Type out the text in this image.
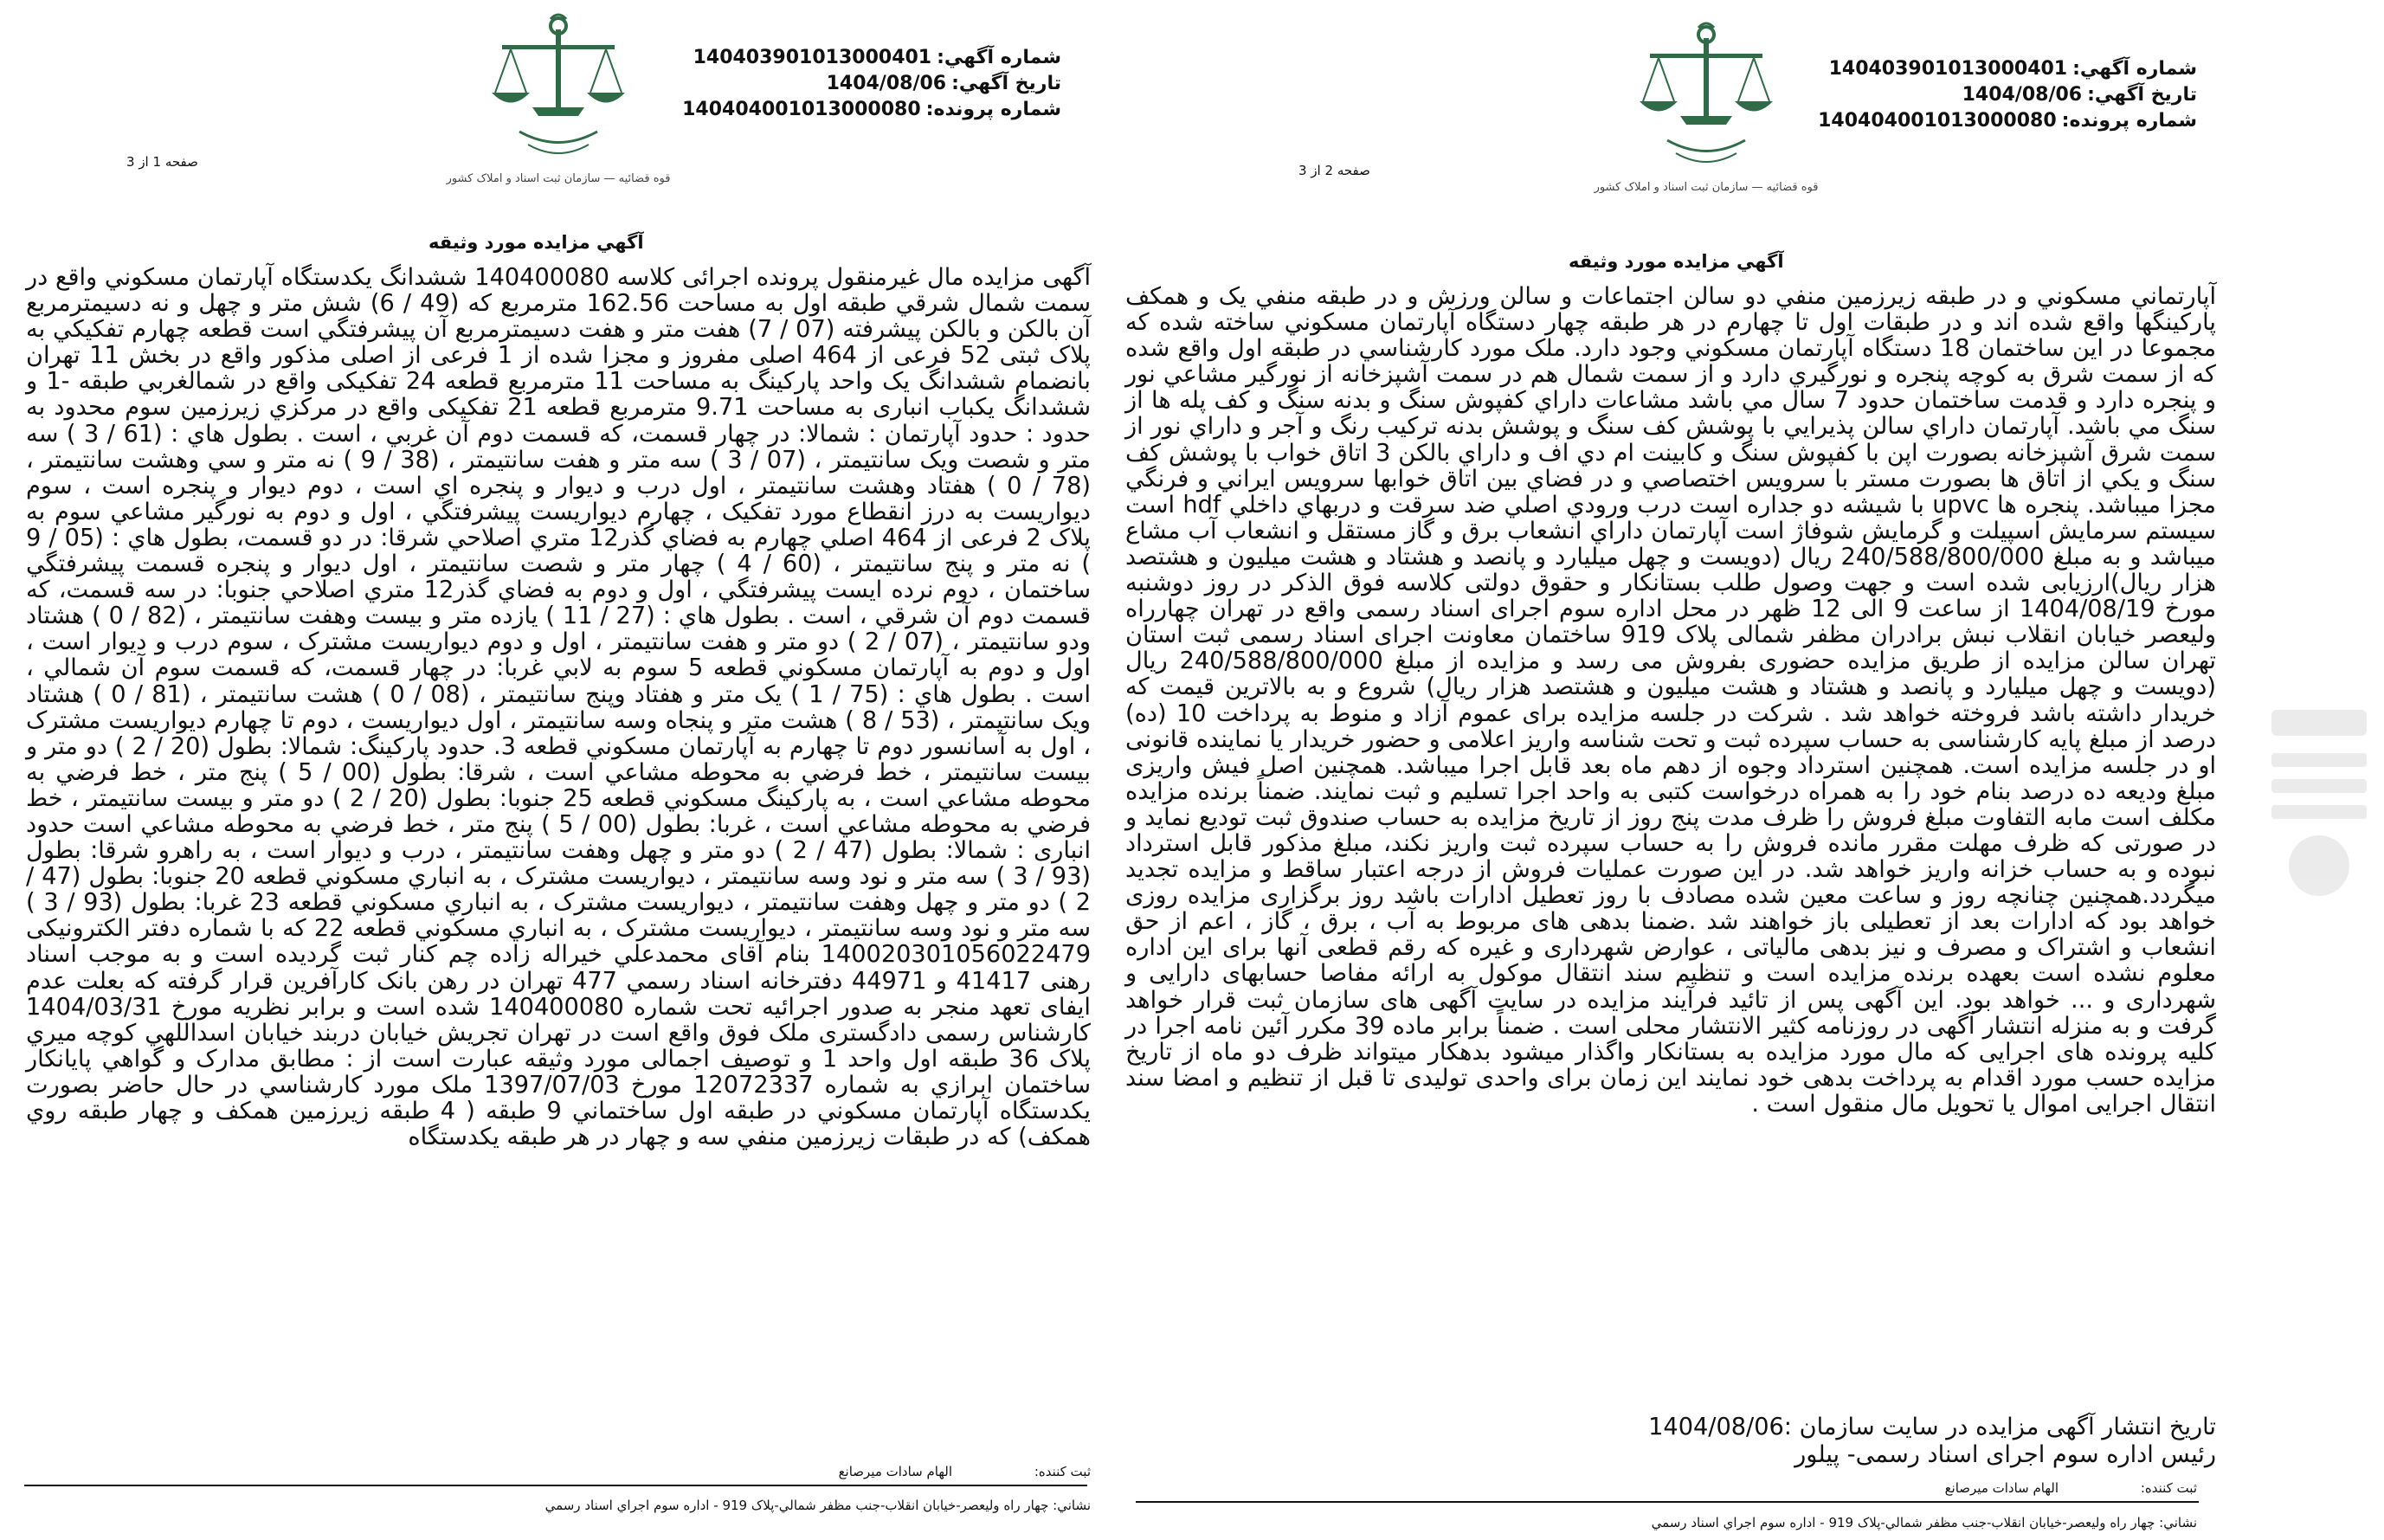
شماره آگهي:140403901013000401
تاريخ آگهي:1404/08/06
شماره پرونده:140404001013000080
قوه قضائیه — سازمان ثبت اسناد و املاک کشور
صفحه 1 از 3
آگهي مزايده مورد وثيقه

آگهی مزايده مال غيرمنقول پرونده اجرائی کلاسه 140400080 ششدانگ يکدستگاه آپارتمان مسکوني واقع در سمت شمال شرقي طبقه اول به مساحت 162.56 مترمربع که (49 / 6) شش متر و چهل و نه دسيمترمربع آن بالکن و بالکن پيشرفته (07 / 7) هفت متر و هفت دسيمترمربع آن پيشرفتگي است قطعه چهارم تفکيکي به پلاک ثبتی 52 فرعی از 464 اصلی مفروز و مجزا شده از 1 فرعی از اصلی مذکور واقع در بخش 11 تهران بانضمام ششدانگ يک واحد پارکينگ به مساحت 11 مترمربع قطعه 24 تفکيکی واقع در شمالغربي طبقه -1 و ششدانگ يکباب انباری به مساحت 9.71 مترمربع قطعه 21 تفکيکی واقع در مرکزي زيرزمين سوم محدود به حدود : حدود آپارتمان : شمالا: در چهار قسمت، که قسمت دوم آن غربي ، است . بطول هاي : (61 / 3 ) سه متر و شصت ويک سانتيمتر ، (07 / 3 ) سه متر و هفت سانتيمتر ، (38 / 9 ) نه متر و سي وهشت سانتيمتر ، (78 / 0 ) هفتاد وهشت سانتيمتر ، اول درب و ديوار و پنجره اي است ، دوم ديوار و پنجره است ، سوم ديواريست به درز انقطاع مورد تفکيک ، چهارم ديواريست پيشرفتگي ، اول و دوم به نورگير مشاعي سوم به پلاک 2 فرعی از 464 اصلي چهارم به فضاي گذر12 متري اصلاحي شرقا: در دو قسمت، بطول هاي : (05 / 9 ) نه متر و پنج سانتيمتر ، (60 / 4 ) چهار متر و شصت سانتيمتر ، اول ديوار و پنجره قسمت پيشرفتگي ساختمان ، دوم نرده ايست پيشرفتگي ، اول و دوم به فضاي گذر12 متري اصلاحي جنوبا: در سه قسمت، که قسمت دوم آن شرقي ، است . بطول هاي : (27 / 11 ) يازده متر و بيست وهفت سانتيمتر ، (82 / 0 ) هشتاد ودو سانتيمتر ، (07 / 2 ) دو متر و هفت سانتيمتر ، اول و دوم ديواريست مشترک ، سوم درب و ديوار است ، اول و دوم به آپارتمان مسکوني قطعه 5 سوم به لابي غربا: در چهار قسمت، که قسمت سوم آن شمالي ، است . بطول هاي : (75 / 1 ) يک متر و هفتاد وپنج سانتيمتر ، (08 / 0 ) هشت سانتيمتر ، (81 / 0 ) هشتاد ويک سانتيمتر ، (53 / 8 ) هشت متر و پنجاه وسه سانتيمتر ، اول ديواريست ، دوم تا چهارم ديواريست مشترک ، اول به آسانسور دوم تا چهارم به آپارتمان مسکوني قطعه 3. حدود پارکينگ: شمالا: بطول (20 / 2 ) دو متر و بيست سانتيمتر ، خط فرضي به محوطه مشاعي است ، شرقا: بطول (00 / 5 ) پنج متر ، خط فرضي به محوطه مشاعي است ، به پارکينگ مسکوني قطعه 25 جنوبا: بطول (20 / 2 ) دو متر و بيست سانتيمتر ، خط فرضي به محوطه مشاعي است ، غربا: بطول (00 / 5 ) پنج متر ، خط فرضي به محوطه مشاعي است حدود انباری : شمالا: بطول (47 / 2 ) دو متر و چهل وهفت سانتيمتر ، درب و ديوار است ، به راهرو شرقا: بطول (93 / 3 ) سه متر و نود وسه سانتيمتر ، ديواريست مشترک ، به انباري مسکوني قطعه 20 جنوبا: بطول (47 / 2 ) دو متر و چهل وهفت سانتيمتر ، ديواريست مشترک ، به انباري مسکوني قطعه 23 غربا: بطول (93 / 3 ) سه متر و نود وسه سانتيمتر ، ديواريست مشترک ، به انباري مسکوني قطعه 22 که با شماره دفتر الکترونيکی 140020301056022479 بنام آقای محمدعلي خيراله زاده چم کنار ثبت گرديده است و به موجب اسناد رهنی 41417 و 44971 دفترخانه اسناد رسمي 477 تهران در رهن بانک کارآفرين قرار گرفته که بعلت عدم ايفای تعهد منجر به صدور اجرائيه تحت شماره 140400080 شده است و برابر نظريه مورخ 1404/03/31 کارشناس رسمی دادگستری ملک فوق واقع است در تهران تجريش خيابان دربند خيابان اسداللهي کوچه ميري پلاک 36 طبقه اول واحد 1 و توصيف اجمالی مورد وثيقه عبارت است از : مطابق مدارک و گواهي پايانکار ساختمان ابرازي به شماره 12072337 مورخ 1397/07/03 ملک مورد کارشناسي در حال حاضر بصورت يکدستگاه آپارتمان مسکوني در طبقه اول ساختماني 9 طبقه ( 4 طبقه زيرزمين همکف و چهار طبقه روي همکف) که در طبقات زيرزمين منفي سه و چهار در هر طبقه يکدستگاه

ثبت کننده: الهام سادات ميرصانع
نشاني: چهار راه وليعصر-خيابان انقلاب-جنب مظفر شمالي-پلاک 919 - اداره سوم اجراي اسناد رسمي
شماره آگهي:140403901013000401
تاريخ آگهي:1404/08/06
شماره پرونده:140404001013000080
قوه قضائیه — سازمان ثبت اسناد و املاک کشور
صفحه 2 از 3
آگهي مزايده مورد وثيقه

آپارتماني مسکوني و در طبقه زيرزمين منفي دو سالن اجتماعات و سالن ورزش و در طبقه منفي يک و همکف پارکينگها واقع شده اند و در طبقات اول تا چهارم در هر طبقه چهار دستگاه آپارتمان مسکوني ساخته شده که مجموعا در اين ساختمان 18 دستگاه آپارتمان مسکوني وجود دارد. ملک مورد کارشناسي در طبقه اول واقع شده که از سمت شرق به کوچه پنجره و نورگيري دارد و از سمت شمال هم در سمت آشپزخانه از نورگير مشاعي نور و پنجره دارد و قدمت ساختمان حدود 7 سال مي باشد مشاعات داراي کفپوش سنگ و بدنه سنگ و کف پله ها از سنگ مي باشد. آپارتمان داراي سالن پذيرايي با پوشش کف سنگ و پوشش بدنه ترکيب رنگ و آجر و داراي نور از سمت شرق آشپزخانه بصورت اپن با کفپوش سنگ و کابينت ام دي اف و داراي بالکن 3 اتاق خواب با پوشش کف سنگ و يکي از اتاق ها بصورت مستر با سرويس اختصاصي و در فضاي بين اتاق خوابها سرويس ايراني و فرنگي مجزا ميباشد. پنجره ها upvc با شيشه دو جداره است درب ورودي اصلي ضد سرقت و دربهاي داخلي hdf است سيستم سرمايش اسپيلت و گرمايش شوفاژ است آپارتمان داراي انشعاب برق و گاز مستقل و انشعاب آب مشاع ميباشد و به مبلغ 240/588/800/000 ريال (دويست و چهل ميليارد و پانصد و هشتاد و هشت ميليون و هشتصد هزار ريال)ارزيابی شده است و جهت وصول طلب بستانکار و حقوق دولتی کلاسه فوق الذکر در روز دوشنبه مورخ 1404/08/19 از ساعت 9 الی 12 ظهر در محل اداره سوم اجرای اسناد رسمی واقع در تهران چهارراه وليعصر خيابان انقلاب نبش برادران مظفر شمالی پلاک 919 ساختمان معاونت اجرای اسناد رسمی ثبت استان تهران سالن مزايده از طريق مزايده حضوری بفروش می رسد و مزايده از مبلغ 240/588/800/000 ريال (دويست و چهل ميليارد و پانصد و هشتاد و هشت ميليون و هشتصد هزار ريال) شروع و به بالاترين قيمت که خريدار داشته باشد فروخته خواهد شد . شرکت در جلسه مزايده برای عموم آزاد و منوط به پرداخت 10 (ده) درصد از مبلغ پايه کارشناسی به حساب سپرده ثبت و تحت شناسه واريز اعلامی و حضور خريدار يا نماينده قانونی او در جلسه مزايده است. همچنين استرداد وجوه از دهم ماه بعد قابل اجرا ميباشد. همچنين اصل فيش واريزی مبلغ وديعه ده درصد بنام خود را به همراه درخواست کتبی به واحد اجرا تسليم و ثبت نمايند. ضمناً برنده مزايده مکلف است مابه التفاوت مبلغ فروش را ظرف مدت پنج روز از تاريخ مزايده به حساب صندوق ثبت توديع نمايد و در صورتی که ظرف مهلت مقرر مانده فروش را به حساب سپرده ثبت واريز نکند، مبلغ مذکور قابل استرداد نبوده و به حساب خزانه واريز خواهد شد. در اين صورت عمليات فروش از درجه اعتبار ساقط و مزايده تجديد ميگردد.همچنين چنانچه روز و ساعت معين شده مصادف با روز تعطيل ادارات باشد روز برگزاری مزايده روزی خواهد بود که ادارات بعد از تعطيلی باز خواهند شد .ضمنا بدهی های مربوط به آب ، برق ، گاز ، اعم از حق انشعاب و اشتراک و مصرف و نيز بدهی مالياتی ، عوارض شهرداری و غيره که رقم قطعی آنها برای اين اداره معلوم نشده است بعهده برنده مزايده است و تنظيم سند انتقال موکول به ارائه مفاصا حسابهای دارايی و شهرداری و ... خواهد بود. اين آگهی پس از تائيد فرآيند مزايده در سايت آگهی های سازمان ثبت قرار خواهد گرفت و به منزله انتشار آگهی در روزنامه کثير الانتشار محلی است . ضمناً برابر ماده 39 مکرر آئين نامه اجرا در کليه پرونده های اجرايی که مال مورد مزايده به بستانکار واگذار ميشود بدهکار ميتواند ظرف دو ماه از تاريخ مزايده حسب مورد اقدام به پرداخت بدهی خود نمايند اين زمان برای واحدی توليدی تا قبل از تنظيم و امضا سند انتقال اجرايی اموال يا تحويل مال منقول است .

تاريخ انتشار آگهی مزايده در سايت سازمان :1404/08/06

رئيس اداره سوم اجرای اسناد رسمی- پيلور

ثبت کننده: الهام سادات ميرصانع
نشاني: چهار راه وليعصر-خيابان انقلاب-جنب مظفر شمالي-پلاک 919 - اداره سوم اجراي اسناد رسمي
